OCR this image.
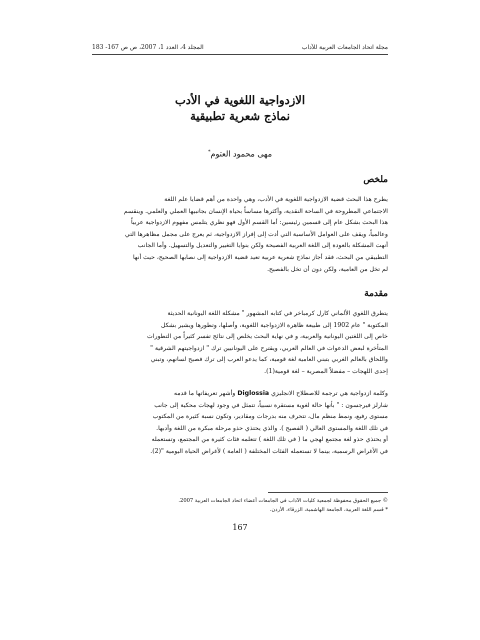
مجلة اتحاد الجامعات العربية للآداب
المجلد 4، العدد 1، 2007، ص ص 167- 183
الازدواجية اللغوية في الأدب
نماذج شعرية تطبيقية
مهى محمود العتوم*
ملخص
يطرح هذا البحث قضية الازدواجية اللغوية في الأدب، وهي واحدة من أهم قضايا علم اللغة
الاجتماعي المطروحة في الساحة النقدية، وأكثرها مساساً بحياة الإنسان بجانبيها العملي والعلمي. وينقسم
هذا البحث بشكل عام إلى قسمين رئيسين: أما القسم الأول فهو نظري يتلمس مفهوم الازدواجية عربياً
وعالمياً، ويقف على العوامل الأساسية التي أدت إلى إفراز الازدواجية، ثم يعرج على مجمل مظاهرها التي
أنهت المشكلة بالعودة إلى اللغة العربية الفصيحة ولكن بنوايا التغيير والتعديل والتسهيل. وأما الجانب
التطبيقي من البحث، فقد أجاز نماذج شعرية عربية تعيد قضية الازدواجية إلى نصابها الصحيح، حيث أنها
لم تخل من العامية، ولكن دون أن تخل بالفصيح.
مقدمة
يتطرق اللغوي الألماني كارل كرمباخر في كتابه المشهور " مشكلة اللغة اليونانية الحديثة
المكتوبة " عام 1902 إلى طبيعة ظاهرة الازدواجية اللغوية، وأصلها، وتطورها ويشير بشكل
خاص إلى اللغتين اليونانية والعربية، و في نهاية البحث يخلص إلى نتائج تفسر كثيراً من التطورات
المتأخرة لبعض الدعوات في العالم العربي، ويقترح على اليونانيين ترك " ازدواجيتهم الشرقية "
واللحاق بالعالم الغربي بتبني العامية لغة قومية، كما يدعو العرب إلى ترك فصيح لسانهم، وتبني
إحدى اللهجات – مفضلاً المصرية – لغة قومية(1).
وكلمة ازدواجية هي ترجمة للاصطلاح الانجليزي Diglossia وأشهر تعريفاتها ما قدمه
شارلز فيرجسون : " بأنها حالة لغوية مستقرة نسبياً، تتمثل في وجود لهجات محكية إلى جانب
مستوى رفيع، ونمط منظم مال، تتحرف منه بدرجات ومقادير، وتكون نسبة كثيرة من المكتوب
في تلك اللغة والمستوى العالي ( الفصيح ). والذي يحتذي حذو مرحلة مبكرة من اللغة وأدبها.
أو يحتذي حذو لغة مجتمع لهجي ما ( في تلك اللغة ) تتعلمه فئات كثيرة من المجتمع، وتستعمله
في الأغراض الرسمية، بينما لا تستعمله الفئات المختلفة ( العامة ) لأغراض الحياة اليومية "(2).
© جميع الحقوق محفوظة لجمعية كليات الآداب في الجامعات أعضاء اتحاد الجامعات العربية 2007.
* قسم اللغة العربية، الجامعة الهاشمية، الزرقاء، الأردن.
167
